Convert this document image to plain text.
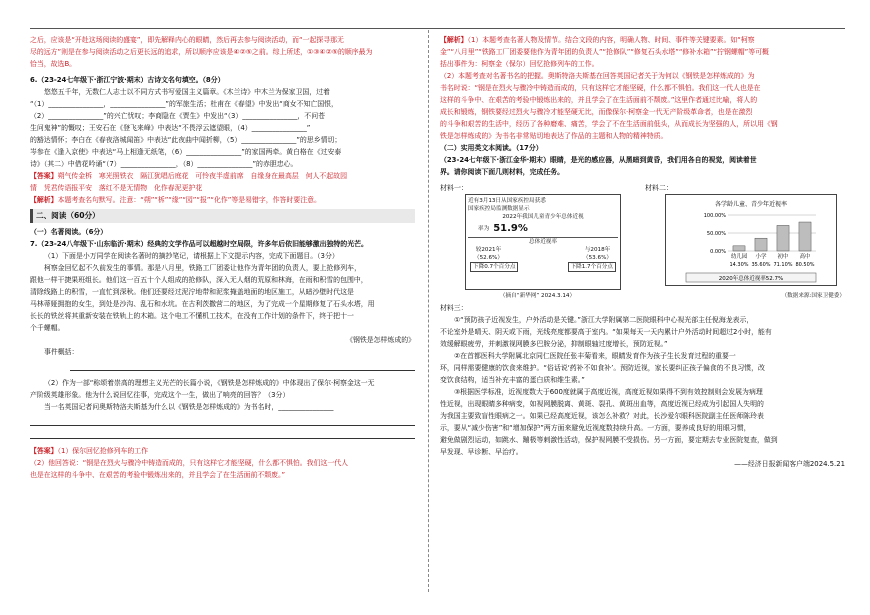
之后，应该是“开赴这场阅读的盛宴”，即先解释内心的眼睛，然后再去参与阅读活动，而“一起探寻那无

尽的远方”则是在参与阅读活动之后更长远的追求，所以顺序应该是④②⑤之前。综上所述，①③④②⑤的顺序最为

恰当，故选B。

6.（23-24七年级下·浙江宁波·期末）古诗文名句填空。（8分）

悠悠五千年，无数仁人志士以不同方式书写爱国主义篇章。《木兰诗》中木兰为保家卫国，过着

“（1）________________，________________”的军旅生活；杜甫在《春望》中发出“商女不知亡国恨，

（2）________________”的兴亡忧叹；李商隐在《贾生》中发出“（3）________________，不问苍

生问鬼神”的慨叹；王安石在《登飞来峰》中表达“不畏浮云遮望眼，（4）________________”

的豁达情怀；李白在《春夜洛城闻笛》中表达“此夜曲中闻折柳，（5）________________”的思乡情切；

岑参在《逢入京使》中表达“马上相逢无纸笔，（6）________________”的家国两牵。黄白格在《过安泰

诗》（其二）中借花吟诵“（7）________________，（8）________________”的赤胆忠心。

【答案】朔气传金柝　寒光照铁衣　隔江犹唱后庭花　可怜夜半虚前席　自缘身在最高层　何人不起故园

情　凭君传语报平安　落红不是无情物　化作春泥更护花

【解析】本题考查名句默写。注意：“朔”“柝”“缘”“园”“报”“化作”等是易错字，作答时要注意。

二、阅读（60分）

（一）名著阅读。（6分）

7.（23-24八年级下·山东临沂·期末）经典的文学作品可以超越时空局限，许多年后依旧能够激出独特的光芒。

（1）下面是小万同学在阅读名著时的摘抄笔记，请根据上下文提示内容，完成下面题目。（3分）

柯察金回忆起不久前发生的事情。那是八月里，铁路工厂团委让他作为青年团的负责人，要上抢修列车，

跟他一样干捷果班组长。他们这一百五十个人组成的抢修队，深入无人烟的荒原和林海，在雨和积雪的包围中，

清除线路上的积雪，一直忙到深秋。他们还要经过泥泞地带和泥浆掩盖地面的地区施工，从暗沙壁时代这是

马林蒂娅拥抱的女生，到处是沙沟、乱石和水坑。在古利茨撒营二的地区，为了完成一个星期修复了石头水塔，用

长长的铁丝将其重新安装在铁轨上的木箱。这个电工不懂机工技术，在没有工作计划的条件下，终于把十一

个千螺帽。

《钢铁是怎样炼成的》

事件概括：

（2）作为一部“称颂着崇高的理想主义光芒的长篇小说，《钢铁是怎样炼成的》中体现出了保尔·柯察金这一无

产阶级英雄形象。他为什么说回忆往事，完成这个一生，做出了响亮的回答？（3分）

当一名英国记者问奥斯特洛夫斯基为什么以《钢铁是怎样炼成的》为书名时，________________

【答案】（1）保尔回忆抢修列车的工作

（2）他回答说：“钢是在烈火与骤冷中铸造而成的，只有这样它才能坚硬，什么都不惧怕。我们这一代人

也是在这样的斗争中、在艰苦的考验中锻炼出来的，并且学会了在生活面前不颓废。”

【解析】（1）本题考查名著人物及情节。结合文段的内容，明确人物、时间、事件等关键要素。如“柯察

金”“八月里”“铁路工厂团委要他作为青年团的负责人”“抢修队”“修复石头水塔”“修补水箱”“拧钢螺帽”等可概

括出事件为：柯察金（保尔）回忆抢修列车的工作。

（2）本题考查对名著书名的把握。奥斯特洛夫斯基在回答英国记者关于为何以《钢铁是怎样炼成的》为

书名时说：“钢是在烈火与骤冷中铸造而成的，只有这样它才能坚硬，什么都不惧怕。我们这一代人也是在

这样的斗争中、在艰苦的考验中锻炼出来的，并且学会了在生活面前不颓废。”这里作者通过比喻，将人的

成长和锻炼，钢铁要经过烈火与骤冷才能坚硬无比，而像保尔·柯察金一代无产阶级革命者，也是在激烈

的斗争和艰苦的生活中，经历了各种磨难、痛苦，学会了不在生活面前低头，从而成长为坚强的人，所以用《钢

铁是怎样炼成的》为书名非常贴切地表达了作品的主题和人物的精神特质。

（二）实用类文本阅读。（17分）

（23-24七年级下·浙江金华·期末）眼睛，是光的感应器，从黑暗到黄昏，我们用各自的视觉，阅读着世

界。请你阅读下面几则材料，完成任务。

材料一：
近有3月13日从国家疾控局获悉
国家疾控局监测数据显示
2022年我国儿童青少年总体近视
率为 51.9%
总体近视率
较2021年
（52.6%）
与2018年
（53.6%）
下降0.7个百分点	下降1.7个百分点
（摘自“新华网” 2024.3.14）
材料二：
各学龄儿童、青少年近视率
100.00%
50.00%
0.00%
幼儿园 小学 初中 高中
14.30% 35.60% 71.10% 80.50%
2020年总体近视率52.7%
（数据来源:国家卫健委）

材料三：

①“预防孩子近视发生，户外活动是关键。”浙江大学附属第二医院眼科中心视光部主任倪海龙表示，

不论室外是晴天、阴天或下雨，光线亮度都要高于室内。“如果每天一天内累计户外活动时间超过2小时，能有

效缓解眼疲劳，并刺激视网膜多巴胺分泌，抑制眼轴过度增长，预防近视。”

②在首都医科大学附属北京同仁医院任张丰菊看来，眼睛发育作为孩子生长发育过程的重要一

环，同样需要健康的饮食来维护。“俗话说‘药补不如食补’。预防近视，家长要纠正孩子偏食的不良习惯，改

变饮食结构，适当补充丰富的蛋白质和维生素。”

③根据医学标准，近视度数大于600度就属于高度近视，高度近视如果得不到有效控制则会发展为病理

性近视，出现眼睛多种病变，如视网膜脱离、黄斑、裂孔、黄斑出血等，高度近视已经成为引起国人失明的

为我国主要致盲性眼病之一。如果已经高度近视，该怎么补救？对此，长沙爱尔眼科医院副主任医师陈玲表

示，要从“减少伤害”和“增加保护”两方面来避免近视度数持续升高。一方面，要养成良好的用眼习惯，

避免做剧烈运动，如跳水、蹦极等刺激性活动，保护视网膜不受损伤。另一方面，要定期去专业医院复查，做到

早发现、早诊断、早治疗。

——经济日报新闻客户端2024.5.21
